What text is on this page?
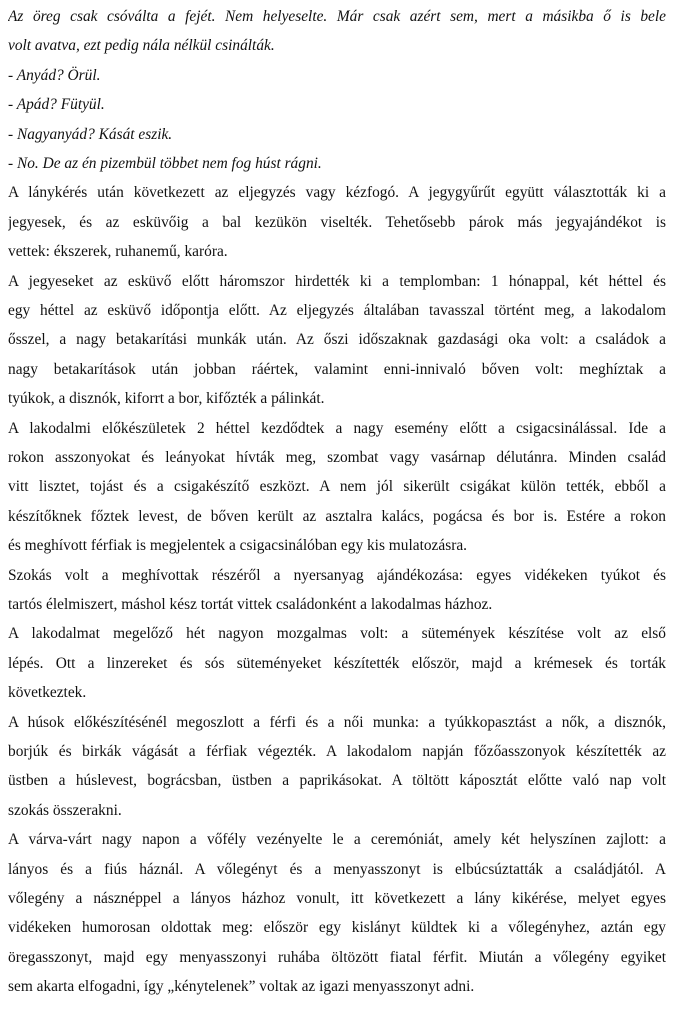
Az öreg csak csóválta a fejét. Nem helyeselte. Már csak azért sem, mert a másikba ő is bele
volt avatva, ezt pedig nála nélkül csinálták.
- Anyád? Örül.
- Apád? Fütyül.
- Nagyanyád? Kását eszik.
- No. De az én pizembül többet nem fog húst rágni.
A lánykérés után következett az eljegyzés vagy kézfogó. A jegygyűrűt együtt választották ki a
jegyesek, és az esküvőig a bal kezükön viselték. Tehetősebb párok más jegyajándékot is
vettek: ékszerek, ruhanemű, karóra.
A jegyeseket az esküvő előtt háromszor hirdették ki a templomban: 1 hónappal, két héttel és
egy héttel az esküvő időpontja előtt. Az eljegyzés általában tavasszal történt meg, a lakodalom
ősszel, a nagy betakarítási munkák után. Az őszi időszaknak gazdasági oka volt: a családok a
nagy betakarítások után jobban ráértek, valamint enni-innivaló bőven volt: meghíztak a
tyúkok, a disznók, kiforrt a bor, kifőzték a pálinkát.
A lakodalmi előkészületek 2 héttel kezdődtek a nagy esemény előtt a csigacsinálással. Ide a
rokon asszonyokat és leányokat hívták meg, szombat vagy vasárnap délutánra. Minden család
vitt lisztet, tojást és a csigakészítő eszközt. A nem jól sikerült csigákat külön tették, ebből a
készítőknek főztek levest, de bőven került az asztalra kalács, pogácsa és bor is. Estére a rokon
és meghívott férfiak is megjelentek a csigacsinálóban egy kis mulatozásra.
Szokás volt a meghívottak részéről a nyersanyag ajándékozása: egyes vidékeken tyúkot és
tartós élelmiszert, máshol kész tortát vittek családonként a lakodalmas házhoz.
A lakodalmat megelőző hét nagyon mozgalmas volt: a sütemények készítése volt az első
lépés. Ott a linzereket és sós süteményeket készítették először, majd a krémesek és torták
következtek.
A húsok előkészítésénél megoszlott a férfi és a női munka: a tyúkkopasztást a nők, a disznók,
borjúk és birkák vágását a férfiak végezték. A lakodalom napján főzőasszonyok készítették az
üstben a húslevest, bográcsban, üstben a paprikásokat. A töltött káposztát előtte való nap volt
szokás összerakni.
A várva-várt nagy napon a vőfély vezényelte le a ceremóniát, amely két helyszínen zajlott: a
lányos és a fiús háznál. A vőlegényt és a menyasszonyt is elbúcsúztatták a családjától. A
vőlegény a násznéppel a lányos házhoz vonult, itt következett a lány kikérése, melyet egyes
vidékeken humorosan oldottak meg: először egy kislányt küldtek ki a vőlegényhez, aztán egy
öregasszonyt, majd egy menyasszonyi ruhába öltözött fiatal férfit. Miután a vőlegény egyiket
sem akarta elfogadni, így „kénytelenek” voltak az igazi menyasszonyt adni.
